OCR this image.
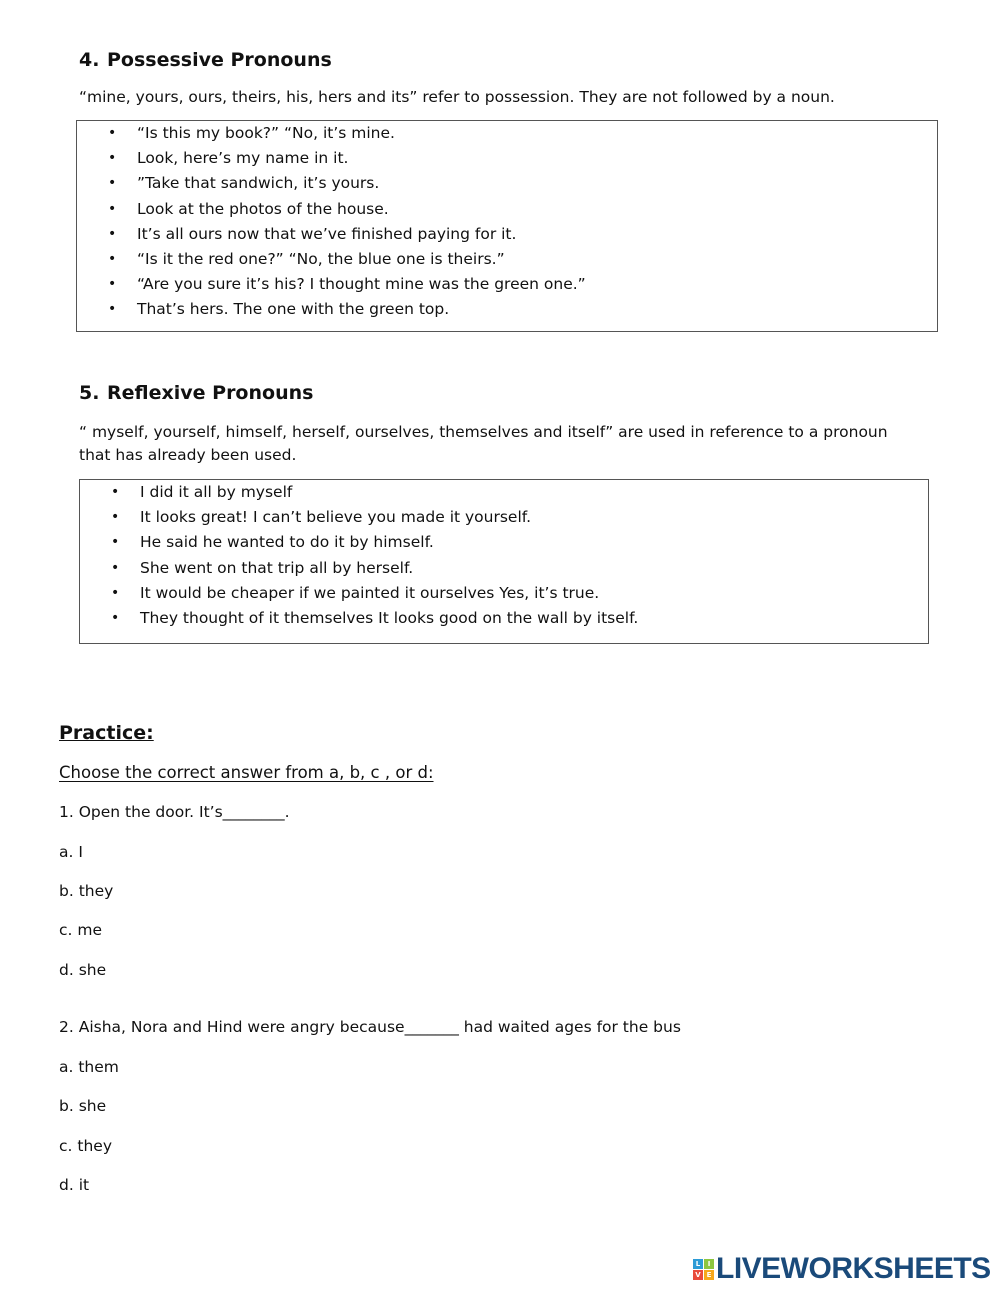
4. Possessive Pronouns
“mine, yours, ours, theirs, his, hers and its” refer to possession. They are not followed by a noun.
• “Is this my book?” “No, it’s mine.
• Look, here’s my name in it.
• ”Take that sandwich, it’s yours.
• Look at the photos of the house.
• It’s all ours now that we’ve finished paying for it.
• “Is it the red one?” “No, the blue one is theirs.”
• “Are you sure it’s his? I thought mine was the green one.”
• That’s hers. The one with the green top.
5. Reflexive Pronouns
“ myself, yourself, himself, herself, ourselves, themselves and itself” are used in reference to a pronoun that has already been used.
• I did it all by myself
• It looks great! I can’t believe you made it yourself.
• He said he wanted to do it by himself.
• She went on that trip all by herself.
• It would be cheaper if we painted it ourselves Yes, it’s true.
• They thought of it themselves It looks good on the wall by itself.
Practice:
Choose the correct answer from a, b, c , or d:
1. Open the door. It’s________.
a. I
b. they
c. me
d. she
2. Aisha, Nora and Hind were angry because_______ had waited ages for the bus
a. them
b. she
c. they
d. it
L	I
V E LIVEWORKSHEETS
